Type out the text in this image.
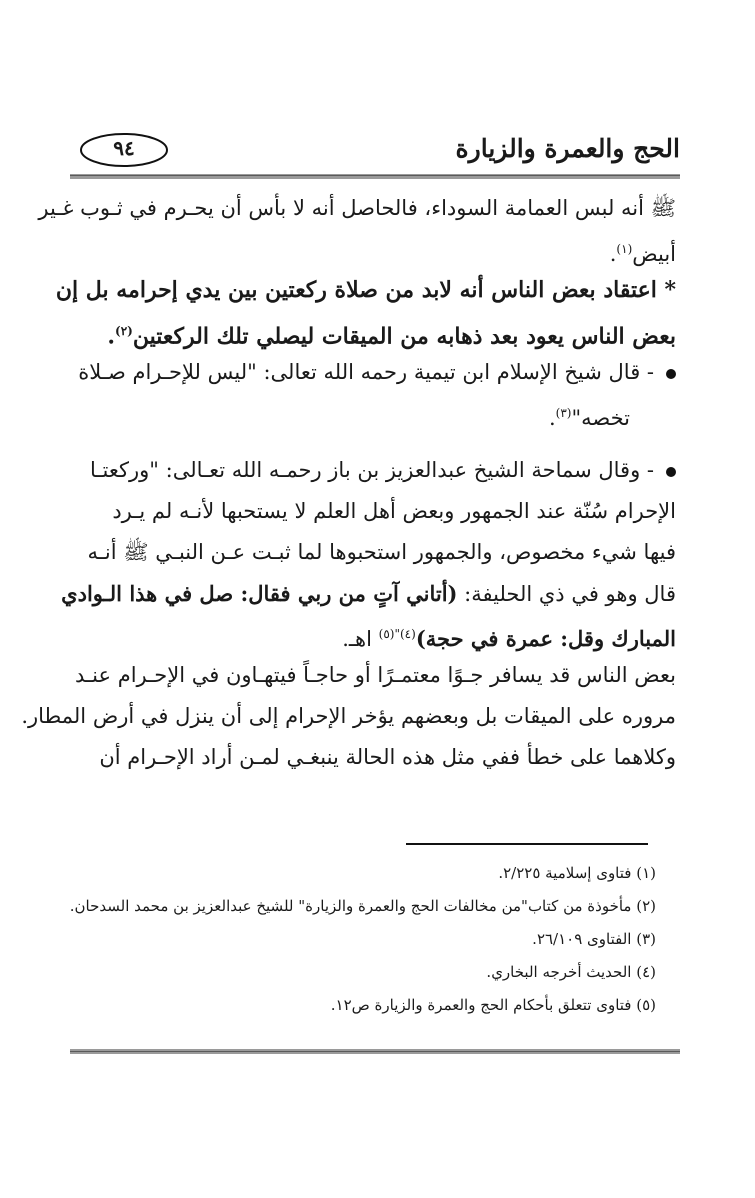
الحج والعمرة والزيارة
٩٤
ﷺ أنه لبس العمامة السوداء، فالحاصل أنه لا بأس أن يحـرم في ثـوب غـير
أبيض$^{(١)}$.
* اعتقاد بعض الناس أنه لابد من صلاة ركعتين بين يدي إحرامه بل إن
بعض الناس يعود بعد ذهابه من الميقات ليصلي تلك الركعتين$^{(٢)}$.
- قال شيخ الإسلام ابن تيمية رحمه الله تعالى: "ليس للإحـرام صـلاة
تخصه"$^{(٣)}$.
- وقال سماحة الشيخ عبدالعزيز بن باز رحمـه الله تعـالى: "وركعتـا
الإحرام سُنّة عند الجمهور وبعض أهل العلم لا يستحبها لأنـه لم يـرد
فيها شيء مخصوص، والجمهور استحبوها لما ثبـت عـن النبـي ﷺ أنـه
قال وهو في ذي الحليفة: (أتاني آتٍ من ربي فقال: صل في هذا الـوادي
المبارك وقل: عمرة في حجة)$^{(٤)"(٥)}$ اهـ.
بعض الناس قد يسافر جـوًا معتمـرًا أو حاجـاً فيتهـاون في الإحـرام عنـد
مروره على الميقات بل وبعضهم يؤخر الإحرام إلى أن ينزل في أرض المطار.
وكلاهما على خطأ ففي مثل هذه الحالة ينبغـي لمـن أراد الإحـرام أن
(١) فتاوى إسلامية ٢/٢٢٥.
(٢) مأخوذة من كتاب"من مخالفات الحج والعمرة والزيارة" للشيخ عبدالعزيز بن محمد السدحان.
(٣) الفتاوى ٢٦/١٠٩.
(٤) الحديث أخرجه البخاري.
(٥) فتاوى تتعلق بأحكام الحج والعمرة والزيارة ص١٢.
